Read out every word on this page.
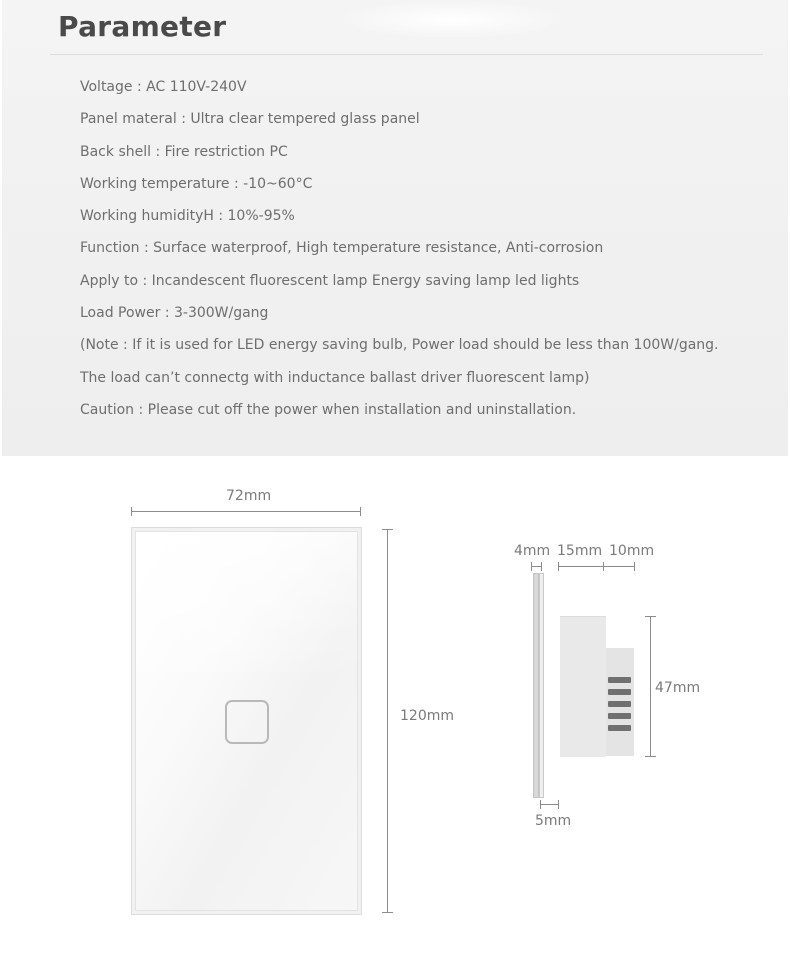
Parameter
Voltage : AC 110V-240V
Panel materal : Ultra clear tempered glass panel
Back shell : Fire restriction PC
Working temperature : -10~60°C
Working humidityH : 10%-95%
Function : Surface waterproof, High temperature resistance, Anti-corrosion
Apply to : Incandescent fluorescent lamp Energy saving lamp led lights
Load Power : 3-300W/gang
(Note : If it is used for LED energy saving bulb, Power load should be less than 100W/gang.
The load can’t connectg with inductance ballast driver fluorescent lamp)
Caution : Please cut off the power when installation and uninstallation.
72mm
120mm
4mm 15mm 10mm
47mm
5mm
